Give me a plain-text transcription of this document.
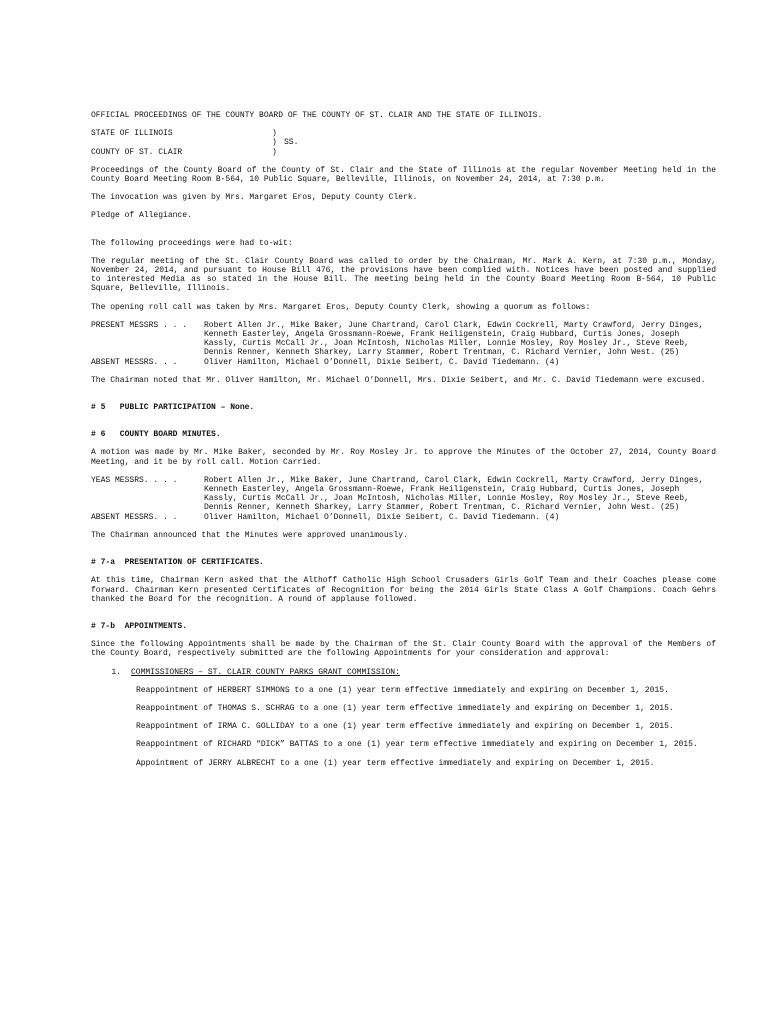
OFFICIAL PROCEEDINGS OF THE COUNTY BOARD OF THE COUNTY OF ST. CLAIR AND THE STATE OF ILLINOIS.

STATE OF ILLINOIS	)
) SS.
COUNTY OF ST. CLAIR	)

Proceedings of the County Board of the County of St. Clair and the State of Illinois at the regular November Meeting held in the County Board Meeting Room B-564, 10 Public Square, Belleville, Illinois, on November 24, 2014, at 7:30 p.m.

The invocation was given by Mrs. Margaret Eros, Deputy County Clerk.

Pledge of Allegiance.

The following proceedings were had to-wit:

The regular meeting of the St. Clair County Board was called to order by the Chairman, Mr. Mark A. Kern, at 7:30 p.m., Monday, November 24, 2014, and pursuant to House Bill 476, the provisions have been complied with. Notices have been posted and supplied to interested Media as so stated in the House Bill. The meeting being held in the County Board Meeting Room B-564, 10 Public Square, Belleville, Illinois.

The opening roll call was taken by Mrs. Margaret Eros, Deputy County Clerk, showing a quorum as follows:

PRESENT MESSRS . . .	Robert Allen Jr., Mike Baker, June Chartrand, Carol Clark, Edwin Cockrell, Marty Crawford, Jerry Dinges, Kenneth Easterley, Angela Grossmann-Roewe, Frank Heiligenstein, Craig Hubbard, Curtis Jones, Joseph Kassly, Curtis McCall Jr., Joan McIntosh, Nicholas Miller, Lonnie Mosley, Roy Mosley Jr., Steve Reeb, Dennis Renner, Kenneth Sharkey, Larry Stammer, Robert Trentman, C. Richard Vernier, John West. (25)
ABSENT MESSRS. . .	Oliver Hamilton, Michael O’Donnell, Dixie Seibert, C. David Tiedemann. (4)

The Chairman noted that Mr. Oliver Hamilton, Mr. Michael O’Donnell, Mrs. Dixie Seibert, and Mr. C. David Tiedemann were excused.

# 5   PUBLIC PARTICIPATION – None.

# 6   COUNTY BOARD MINUTES.

A motion was made by Mr. Mike Baker, seconded by Mr. Roy Mosley Jr. to approve the Minutes of the October 27, 2014, County Board Meeting, and it be by roll call. Motion Carried.

YEAS MESSRS. . . .	Robert Allen Jr., Mike Baker, June Chartrand, Carol Clark, Edwin Cockrell, Marty Crawford, Jerry Dinges, Kenneth Easterley, Angela Grossmann-Roewe, Frank Heiligenstein, Craig Hubbard, Curtis Jones, Joseph Kassly, Curtis McCall Jr., Joan McIntosh, Nicholas Miller, Lonnie Mosley, Roy Mosley Jr., Steve Reeb, Dennis Renner, Kenneth Sharkey, Larry Stammer, Robert Trentman, C. Richard Vernier, John West. (25)
ABSENT MESSRS. . .	Oliver Hamilton, Michael O’Donnell, Dixie Seibert, C. David Tiedemann. (4)

The Chairman announced that the Minutes were approved unanimously.

# 7-a  PRESENTATION OF CERTIFICATES.

At this time, Chairman Kern asked that the Althoff Catholic High School Crusaders Girls Golf Team and their Coaches please come forward. Chairman Kern presented Certificates of Recognition for being the 2014 Girls State Class A Golf Champions. Coach Gehrs thanked the Board for the recognition. A round of applause followed.

# 7-b  APPOINTMENTS.

Since the following Appointments shall be made by the Chairman of the St. Clair County Board with the approval of the Members of the County Board, respectively submitted are the following Appointments for your consideration and approval:

1.	COMMISSIONERS – ST. CLAIR COUNTY PARKS GRANT COMMISSION:

Reappointment of HERBERT SIMMONS to a one (1) year term effective immediately and expiring on December 1, 2015.

Reappointment of THOMAS S. SCHRAG to a one (1) year term effective immediately and expiring on December 1, 2015.

Reappointment of IRMA C. GOLLIDAY to a one (1) year term effective immediately and expiring on December 1, 2015.

Reappointment of RICHARD “DICK” BATTAS to a one (1) year term effective immediately and expiring on December 1, 2015.

Appointment of JERRY ALBRECHT to a one (1) year term effective immediately and expiring on December 1, 2015.
